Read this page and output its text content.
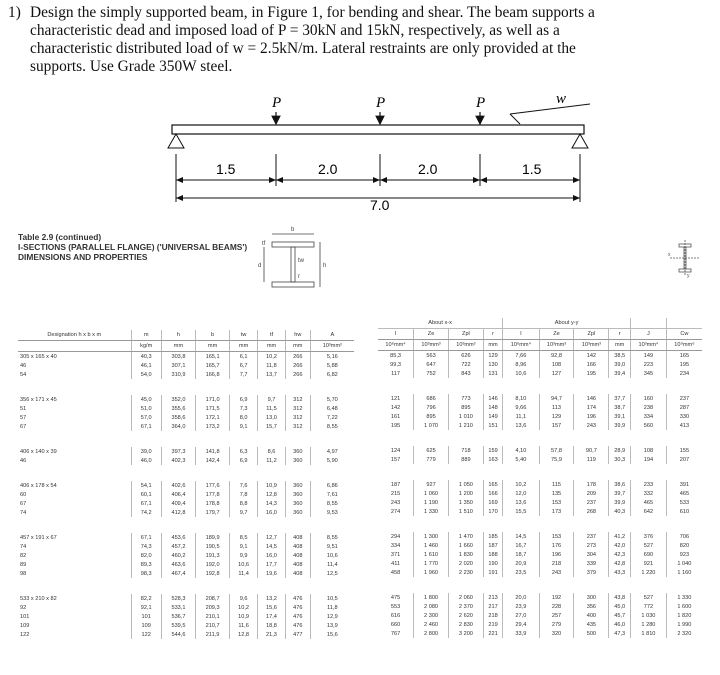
1) Design the simply supported beam, in Figure 1, for bending and shear. The beam supports a

characteristic dead and imposed load of P = 30kN and 15kN, respectively, as well as a

characteristic distributed load of w = 2.5kN/m. Lateral restraints are only provided at the

supports. Use Grade 350W steel.

w
P	P	P
1.5	2.0	2.0	1.5
7.0
Table 2.9 (continued)
I-SECTIONS (PARALLEL FLANGE) ('UNIVERSAL BEAMS')
DIMENSIONS AND PROPERTIES
b
h
d
tf
tw
r
x
y
Designation h x b x m	m	h	b	tw	tf	hw	A
	kg/m	mm	mm	mm	mm	mm	10³mm²
305 x 165 x 40	40,3	303,8	165,1	6,1	10,2	266	5,16
46	46,1	307,1	165,7	6,7	11,8	266	5,88
54	54,0	310,9	166,8	7,7	13,7	266	6,82

356 x 171 x 45	45,0	352,0	171,0	6,9	9,7	312	5,70
51	51,0	355,6	171,5	7,3	11,5	312	6,48
57	57,0	358,6	172,1	8,0	13,0	312	7,22
67	67,1	364,0	173,2	9,1	15,7	312	8,55

406 x 140 x 39	39,0	397,3	141,8	6,3	8,6	360	4,97
46	46,0	402,3	142,4	6,9	11,2	360	5,90

406 x 178 x 54	54,1	402,6	177,6	7,6	10,9	360	6,86
60	60,1	406,4	177,8	7,8	12,8	360	7,61
67	67,1	409,4	178,8	8,8	14,3	360	8,55
74	74,2	412,8	179,7	9,7	16,0	360	9,53

457 x 191 x 67	67,1	453,6	189,9	8,5	12,7	408	8,55
74	74,3	457,2	190,5	9,1	14,5	408	9,51
82	82,0	460,2	191,3	9,9	16,0	408	10,6
89	89,3	463,6	192,0	10,6	17,7	408	11,4
98	98,3	467,4	192,8	11,4	19,6	408	12,5

533 x 210 x 82	82,2	528,3	208,7	9,6	13,2	476	10,5
92	92,1	533,1	209,3	10,2	15,6	476	11,8
101	101	536,7	210,1	10,9	17,4	476	12,9
109	109	539,5	210,7	11,6	18,8	476	13,9
122	122	544,6	211,9	12,8	21,3	477	15,6
About x-x				About y-y					
I	Ze	Zpl	r	I	Ze	Zpl	r	J	Cw
10⁶mm⁴	10³mm³	10³mm³	mm	10⁶mm⁴	10³mm³	10³mm³	mm	10³mm⁴	10⁹mm⁶
85,3	563	626	129	7,66	92,8	142	38,5	149	165
99,3	647	722	130	8,96	108	166	39,0	223	195
117	752	843	131	10,6	127	195	39,4	345	234

121	686	773	146	8,10	94,7	146	37,7	160	237
142	796	895	148	9,66	113	174	38,7	238	287
161	895	1 010	149	11,1	129	196	39,1	334	330
195	1 070	1 210	151	13,6	157	243	39,9	560	413

124	625	718	159	4,10	57,8	90,7	28,9	108	155
157	779	889	163	5,40	75,9	119	30,3	194	207

187	927	1 050	165	10,2	115	178	38,6	233	391
215	1 060	1 200	166	12,0	135	209	39,7	332	465
243	1 190	1 350	169	13,6	153	237	39,9	465	533
274	1 330	1 510	170	15,5	173	268	40,3	642	610

294	1 300	1 470	185	14,5	153	237	41,2	376	706
334	1 460	1 660	187	16,7	176	273	42,0	527	820
371	1 610	1 830	188	18,7	196	304	42,3	690	923
411	1 770	2 020	190	20,9	218	339	42,8	921	1 040
458	1 960	2 230	191	23,5	243	379	43,3	1 220	1 160

475	1 800	2 060	213	20,0	192	300	43,8	527	1 330
553	2 080	2 370	217	23,9	228	356	45,0	772	1 600
616	2 300	2 620	218	27,0	257	400	45,7	1 030	1 820
660	2 460	2 830	219	29,4	279	435	46,0	1 280	1 990
767	2 800	3 200	221	33,9	320	500	47,3	1 810	2 320
